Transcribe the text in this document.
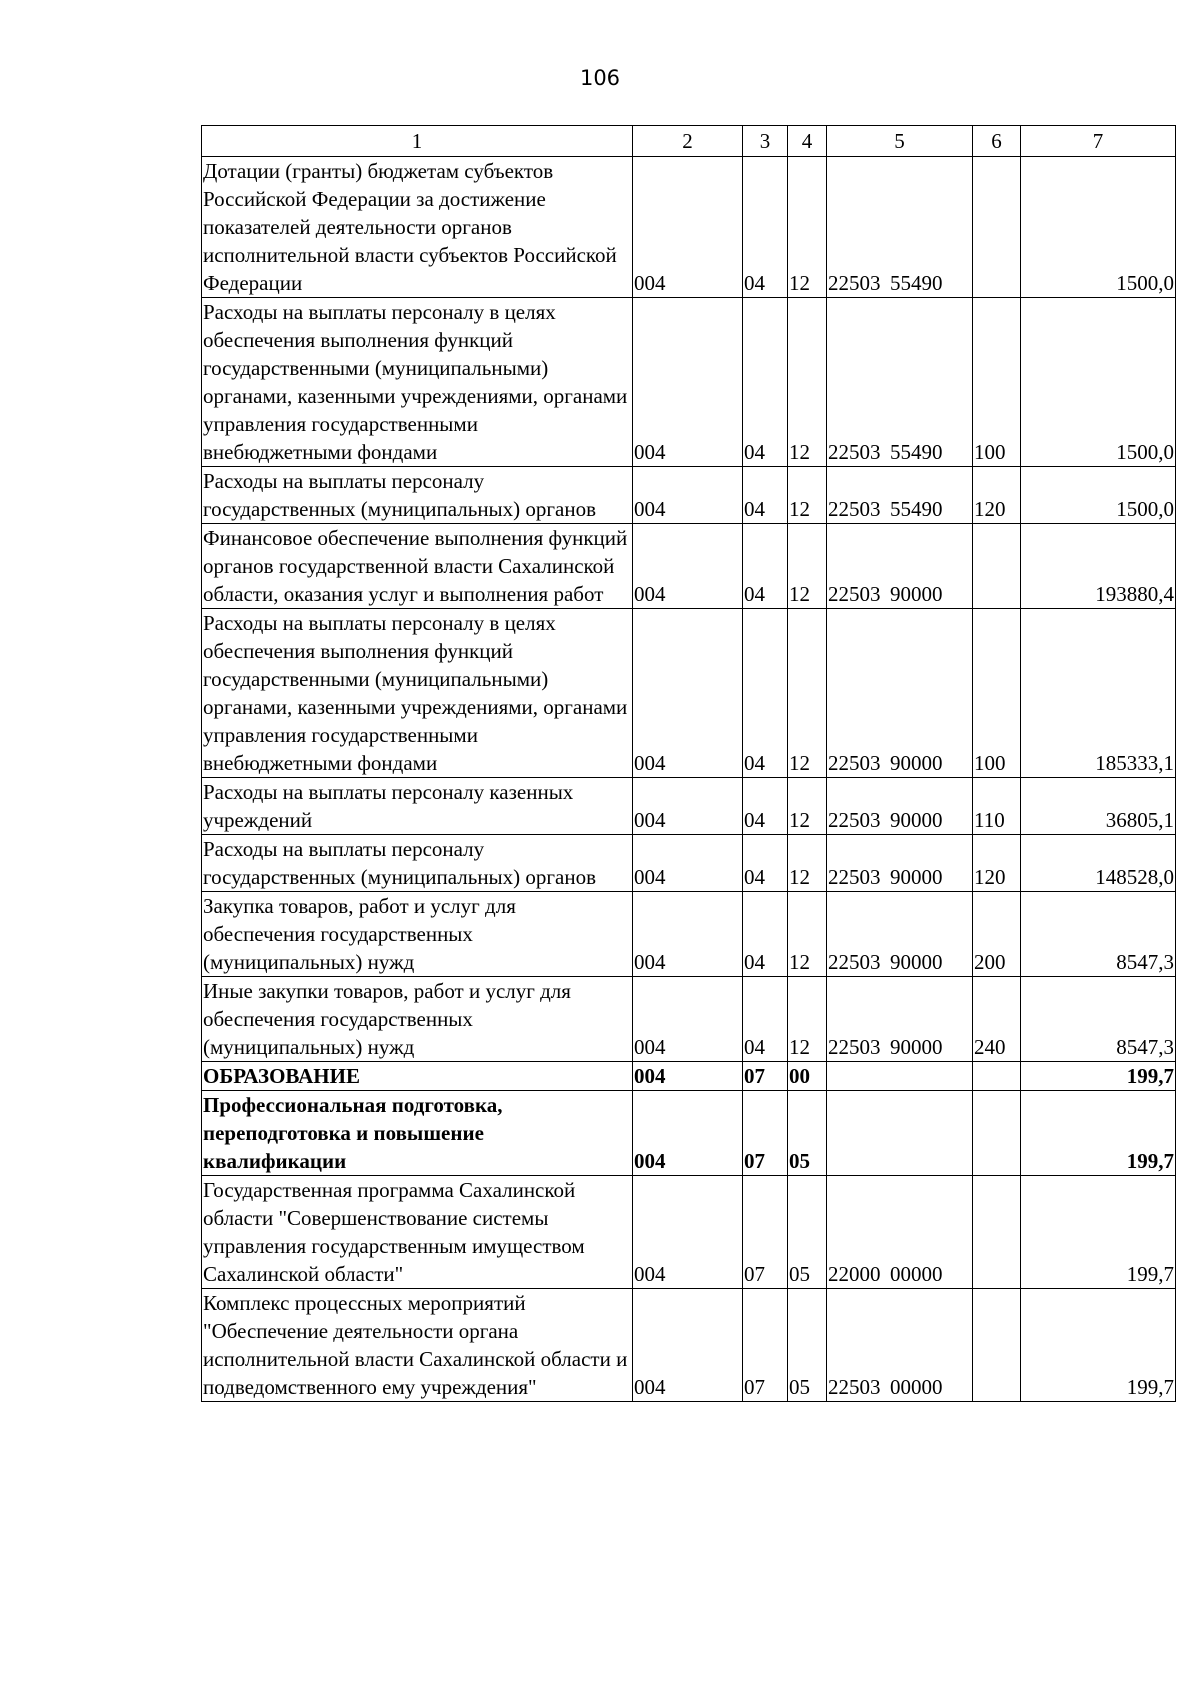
106
1	2	3	4	5	6	7
Дотации (гранты) бюджетам субъектов Российской Федерации за достижение показателей деятельности органов исполнительной власти субъектов Российской Федерации	004	04	12	22503 55490		1500,0
Расходы на выплаты персоналу в целях обеспечения выполнения функций государственными (муниципальными) органами, казенными учреждениями, органами управления государственными внебюджетными фондами	004	04	12	22503 55490	100	1500,0
Расходы на выплаты персоналу государственных (муниципальных) органов	004	04	12	22503 55490	120	1500,0
Финансовое обеспечение выполнения функций органов государственной власти Сахалинской области, оказания услуг и выполнения работ	004	04	12	22503 90000		193880,4
Расходы на выплаты персоналу в целях обеспечения выполнения функций государственными (муниципальными) органами, казенными учреждениями, органами управления государственными внебюджетными фондами	004	04	12	22503 90000	100	185333,1
Расходы на выплаты персоналу казенных учреждений	004	04	12	22503 90000	110	36805,1
Расходы на выплаты персоналу государственных (муниципальных) органов	004	04	12	22503 90000	120	148528,0
Закупка товаров, работ и услуг для обеспечения государственных (муниципальных) нужд	004	04	12	22503 90000	200	8547,3
Иные закупки товаров, работ и услуг для обеспечения государственных (муниципальных) нужд	004	04	12	22503 90000	240	8547,3
ОБРАЗОВАНИЕ	004	07	00			199,7
Профессиональная подготовка, переподготовка и повышение квалификации	004	07	05			199,7
Государственная программа Сахалинской области "Совершенствование системы управления государственным имуществом Сахалинской области"	004	07	05	22000 00000		199,7
Комплекс процессных мероприятий "Обеспечение деятельности органа исполнительной власти Сахалинской области и подведомственного ему учреждения"	004	07	05	22503 00000		199,7
